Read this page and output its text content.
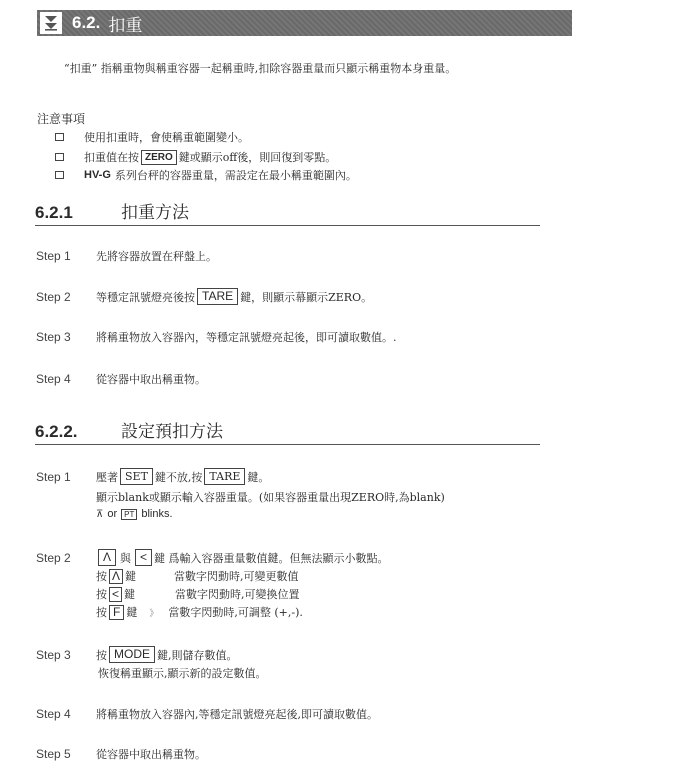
6.2. 扣重
“扣重” 指稱重物與稱重容器一起稱重時,扣除容器重量而只顯示稱重物本身重量。
注意事項
使用扣重時，會使稱重範圍變小。
扣重值在按 ZERO 鍵或顯示off後，則回復到零點。
HV-G 系列台秤的容器重量，需設定在最小稱重範圍內。
6.2.1	扣重方法
Step 1	先將容器放置在秤盤上。
Step 2	等穩定訊號燈亮後按 TARE 鍵，則顯示幕顯示ZERO。
Step 3	將稱重物放入容器內，等穩定訊號燈亮起後，即可讀取數值。.
Step 4	從容器中取出稱重物。
6.2.2.	設定預扣方法
Step 1	壓著 SET 鍵不放,按 TARE 鍵。
顯示blank或顯示輸入容器重量。(如果容器重量出現ZERO時,為blank)
⊼ or PT blinks.
Step 2	Λ 與 < 鍵 爲輸入容器重量數值鍵。但無法顯示小數點。
按 Λ 鍵	當數字閃動時,可變更數值
按 < 鍵	當數字閃動時,可變換位置
按 F 鍵 》 當數字閃動時,可調整 (+,-).
Step 3	按 MODE 鍵,則儲存數值。
恢復稱重顯示,顯示新的設定數值。
Step 4	將稱重物放入容器內,等穩定訊號燈亮起後,即可讀取數值。
Step 5	從容器中取出稱重物。
